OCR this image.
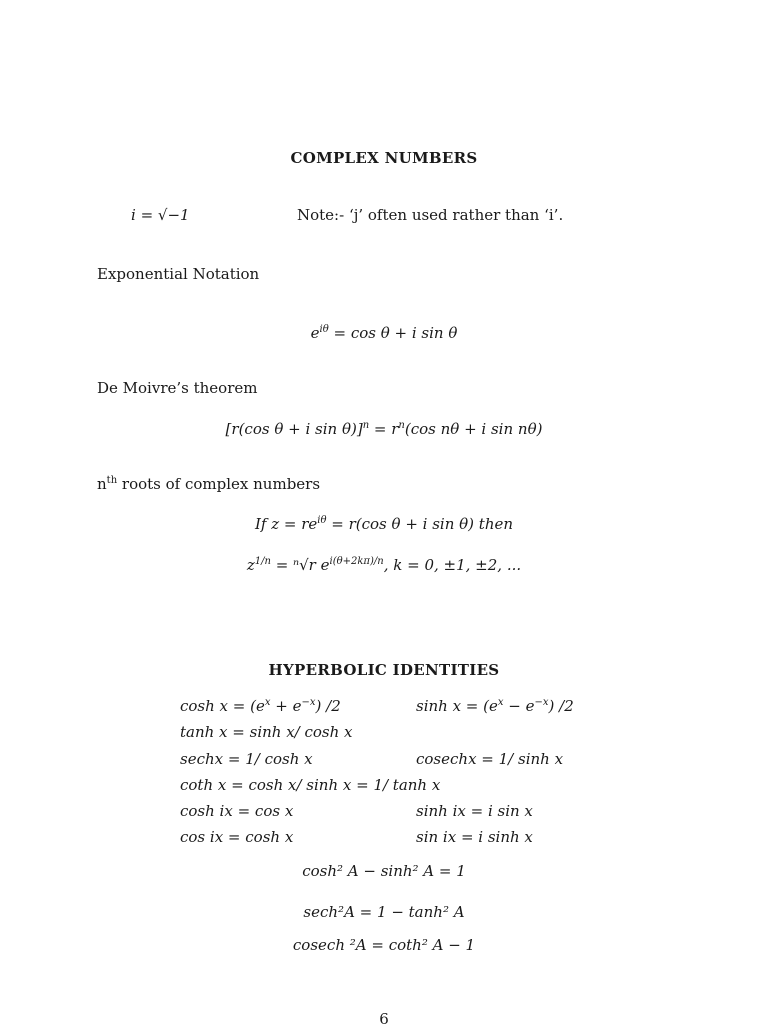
COMPLEX NUMBERS
i = √−1	Note:- ‘j’ often used rather than ‘i’.
Exponential Notation
$e^{i\theta} = \cos \theta + i$ sin θ
De Moivre’s theorem
[r(cos θ + i $\sin \theta)]^n = r^n(\cos$ nθ + i sin nθ)
$n^{th}$ roots of complex numbers
If $z = re^{i\theta} = r(\cos$ θ + i sin θ) then
$z^{1/n} = ^n√r$ $e^{i(\theta+2k\pi)/n}$, k = 0, ±1, ±2, ...
HYPERBOLIC IDENTITIES
$\cosh x = (e^x + e^{-x})$ /2	$\sinh x = (e^x - e^{-x})$ /2
tanh x = sinh x/ cosh x
sechx = 1/ cosh x	cosechx = 1/ sinh x
coth x = cosh x/ sinh x = 1/ tanh x
cosh ix = cos x	sinh ix = i sin x
cos ix = cosh x	sin ix = i sinh x
cosh² A − sinh² A = 1
sech²A = 1 − tanh² A
cosech ²A = coth² A − 1
6
